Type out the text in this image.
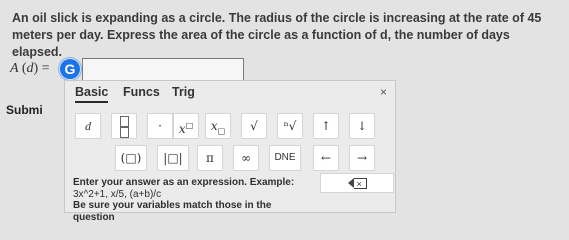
An oil slick is expanding as a circle. The radius of the circle is increasing at the rate of 45 meters per day. Express the area of the circle as a function of d, the number of days elapsed.
A (d) =	G
Submi
Basic Funcs Trig	×
d	·	x□	$x_□$	√	ⁿ√	↑	↓
(□)	|□|	π	∞	DNE	←	→
Enter your answer as an expression. Example:
3x^2+1, x/5, (a+b)/c
Be sure your variables match those in the question
×
